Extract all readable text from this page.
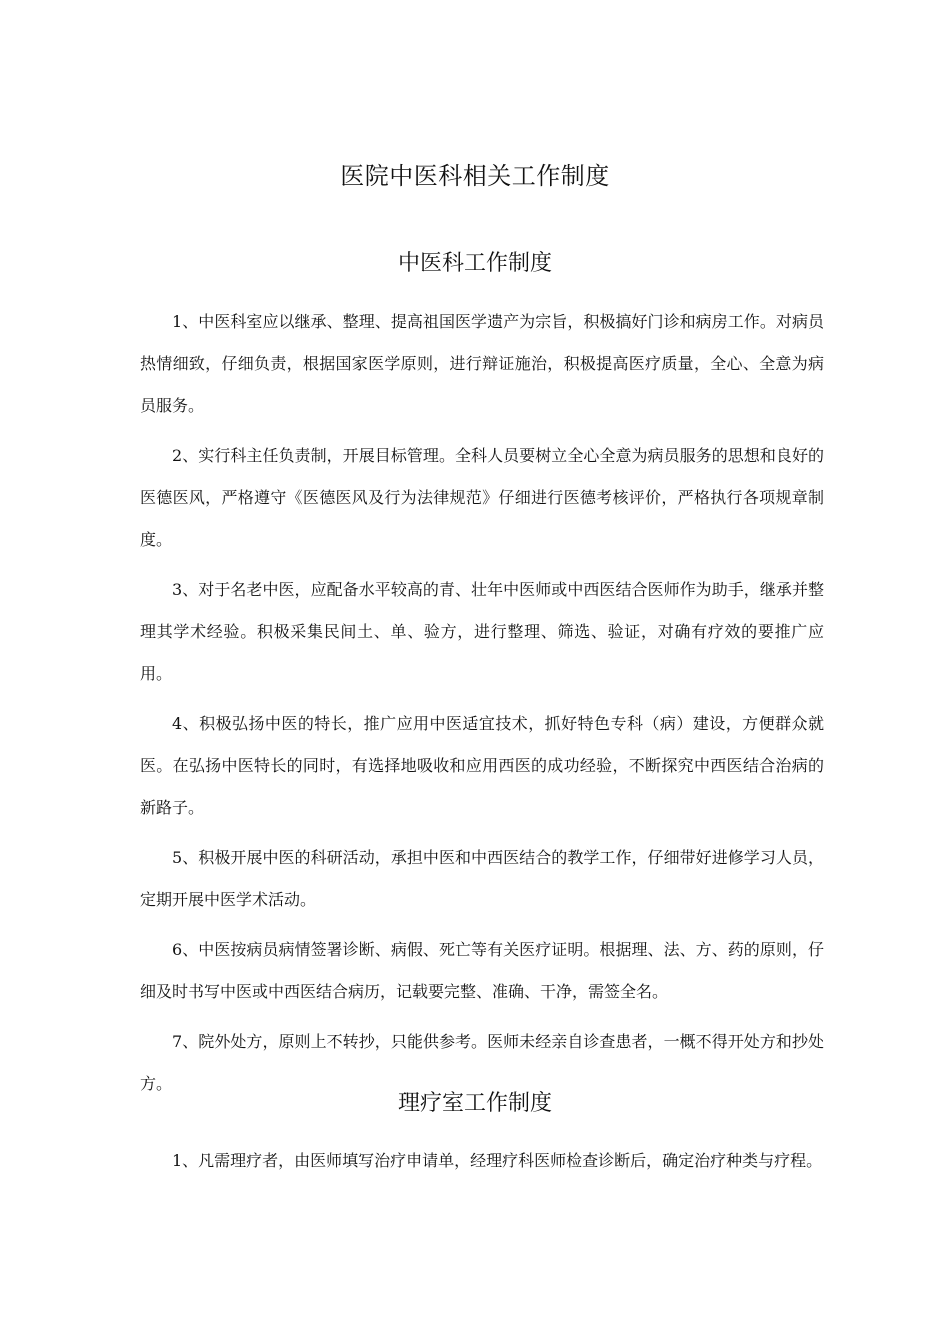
医院中医科相关工作制度
中医科工作制度

1、中医科室应以继承、整理、提高祖国医学遗产为宗旨，积极搞好门诊和病房工作。对病员热情细致，仔细负责，根据国家医学原则，进行辩证施治，积极提高医疗质量，全心、全意为病员服务。

2、实行科主任负责制，开展目标管理。全科人员要树立全心全意为病员服务的思想和良好的医德医风，严格遵守《医德医风及行为法律规范》仔细进行医德考核评价，严格执行各项规章制度。

3、对于名老中医，应配备水平较高的青、壮年中医师或中西医结合医师作为助手，继承并整理其学术经验。积极采集民间土、单、验方，进行整理、筛选、验证，对确有疗效的要推广应用。

4、积极弘扬中医的特长，推广应用中医适宜技术，抓好特色专科（病）建设，方便群众就医。在弘扬中医特长的同时，有选择地吸收和应用西医的成功经验，不断探究中西医结合治病的新路子。

5、积极开展中医的科研活动，承担中医和中西医结合的教学工作，仔细带好进修学习人员，定期开展中医学术活动。

6、中医按病员病情签署诊断、病假、死亡等有关医疗证明。根据理、法、方、药的原则，仔细及时书写中医或中西医结合病历，记载要完整、准确、干净，需签全名。

7、院外处方，原则上不转抄，只能供参考。医师未经亲自诊查患者，一概不得开处方和抄处方。

理疗室工作制度

1、凡需理疗者，由医师填写治疗申请单，经理疗科医师检查诊断后，确定治疗种类与疗程。
